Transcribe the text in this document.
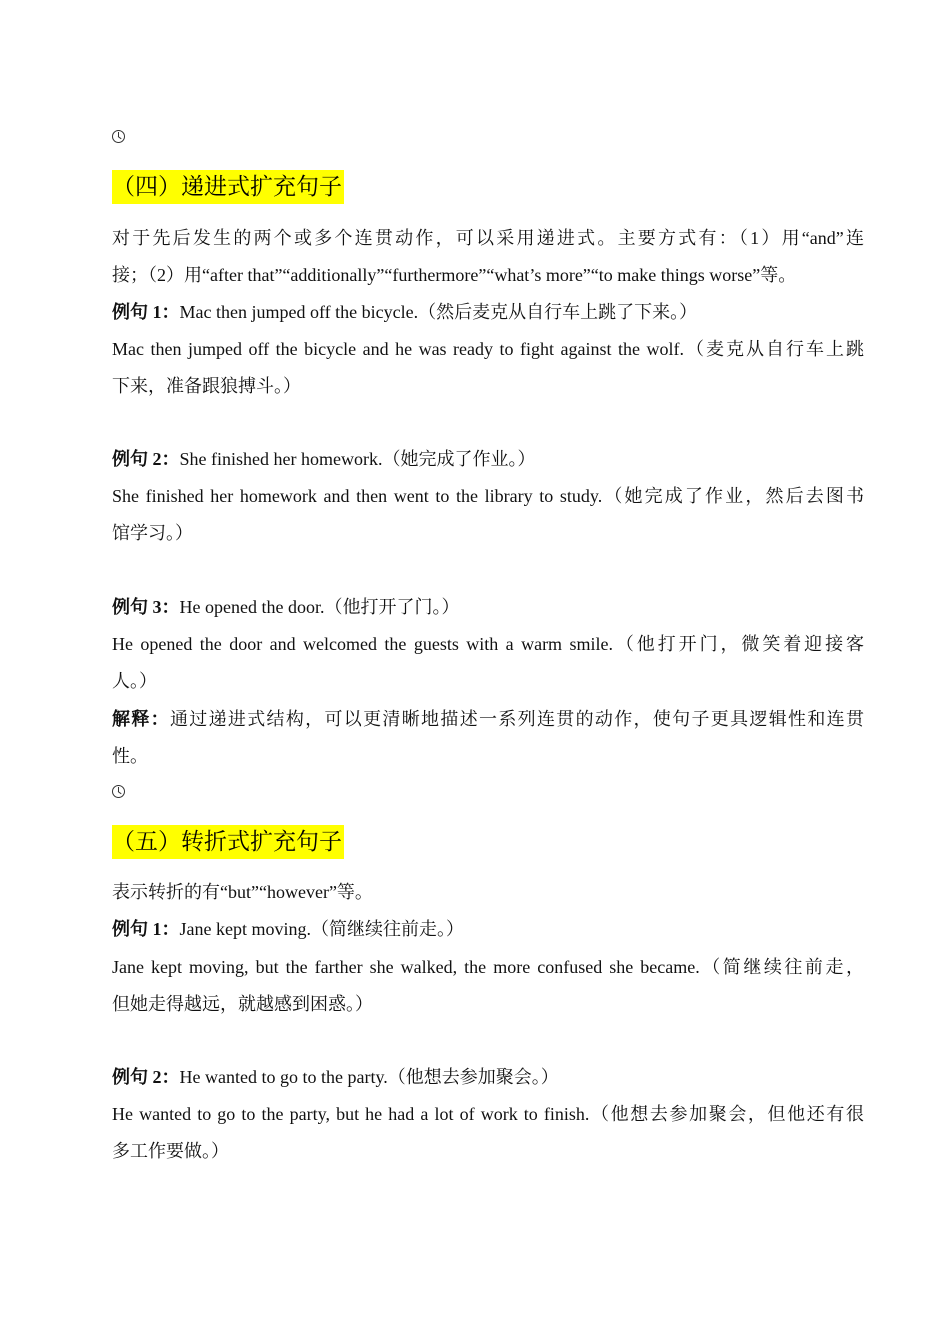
（四）递进式扩充句子
对于先后发生的两个或多个连贯动作，可以采用递进式。主要方式有：（1）用“and”连
接；（2）用“after that”“additionally”“furthermore”“what’s more”“to make things worse”等。
例句 1：Mac then jumped off the bicycle.（然后麦克从自行车上跳了下来。）
Mac then jumped off the bicycle and he was ready to fight against the wolf.（麦克从自行车上跳
下来，准备跟狼搏斗。）
例句 2：She finished her homework.（她完成了作业。）
She finished her homework and then went to the library to study.（她完成了作业，然后去图书
馆学习。）
例句 3：He opened the door.（他打开了门。）
He opened the door and welcomed the guests with a warm smile.（他打开门，微笑着迎接客
人。）
解释：通过递进式结构，可以更清晰地描述一系列连贯的动作，使句子更具逻辑性和连贯
性。
（五）转折式扩充句子
表示转折的有“but”“however”等。
例句 1：Jane kept moving.（简继续往前走。）
Jane kept moving, but the farther she walked, the more confused she became.（简继续往前走，
但她走得越远，就越感到困惑。）
例句 2：He wanted to go to the party.（他想去参加聚会。）
He wanted to go to the party, but he had a lot of work to finish.（他想去参加聚会，但他还有很
多工作要做。）
